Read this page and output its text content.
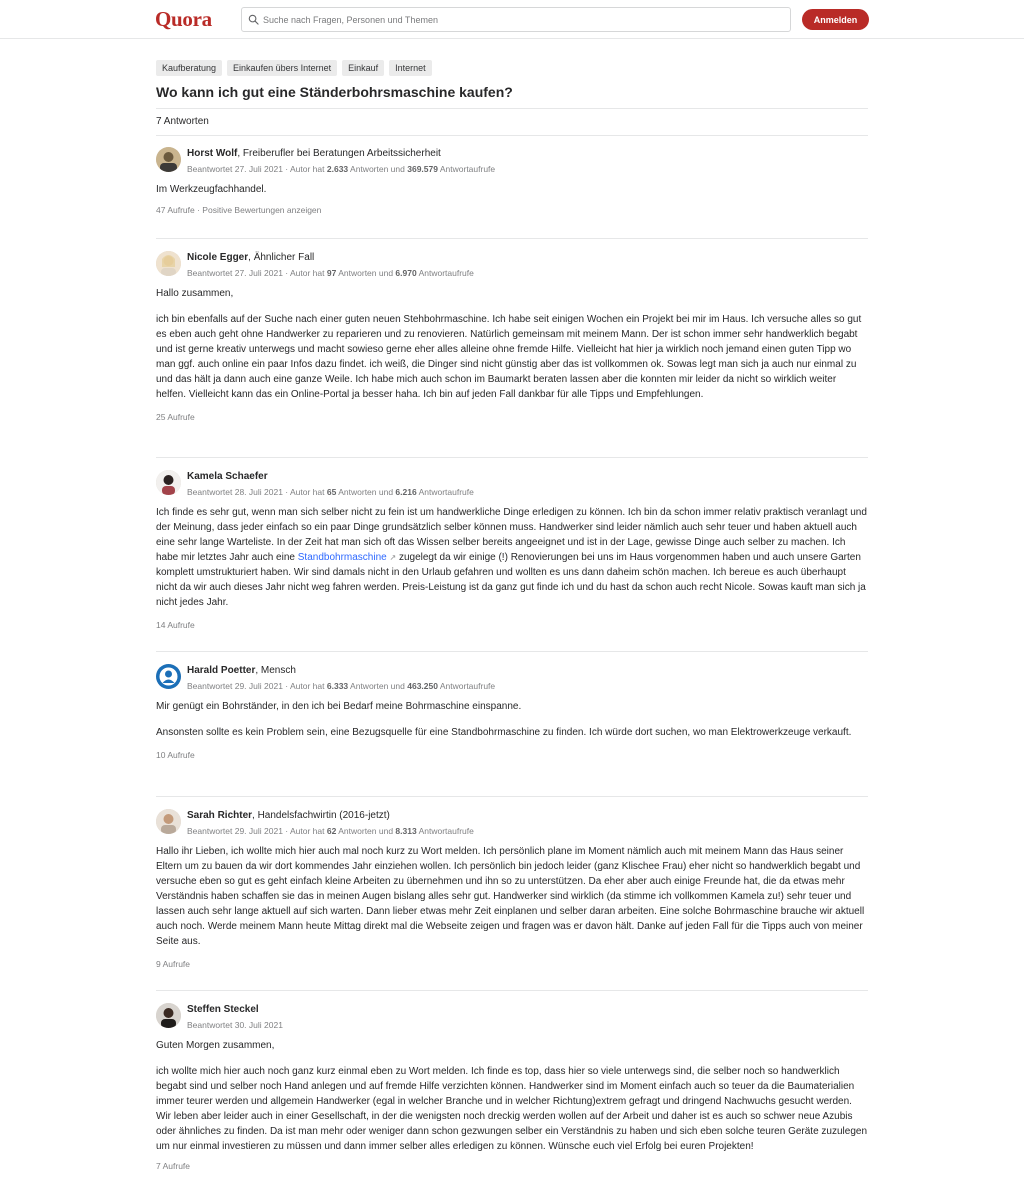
Quora
Suche nach Fragen, Personen und Themen	Anmelden
Kaufberatung	Einkaufen übers Internet	Einkauf	Internet
Wo kann ich gut eine Ständerbohrsmaschine kaufen?
7 Antworten
Horst Wolf, Freiberufler bei Beratungen Arbeitssicherheit
Beantwortet 27. Juli 2021 · Autor hat 2.633 Antworten und 369.579 Antwortaufrufe

Im Werkzeugfachhandel.

47 Aufrufe · Positive Bewertungen anzeigen
Nicole Egger, Ähnlicher Fall
Beantwortet 27. Juli 2021 · Autor hat 97 Antworten und 6.970 Antwortaufrufe

Hallo zusammen,

ich bin ebenfalls auf der Suche nach einer guten neuen Stehbohrmaschine. Ich habe seit einigen Wochen ein Projekt bei mir im Haus. Ich versuche alles so gut es eben auch geht ohne Handwerker zu reparieren und zu renovieren. Natürlich gemeinsam mit meinem Mann. Der ist schon immer sehr handwerklich begabt und ist gerne kreativ unterwegs und macht sowieso gerne eher alles alleine ohne fremde Hilfe. Vielleicht hat hier ja wirklich noch jemand einen guten Tipp wo man ggf. auch online ein paar Infos dazu findet. ich weiß, die Dinger sind nicht günstig aber das ist vollkommen ok. Sowas legt man sich ja auch nur einmal zu und das hält ja dann auch eine ganze Weile. Ich habe mich auch schon im Baumarkt beraten lassen aber die konnten mir leider da nicht so wirklich weiter helfen. Vielleicht kann das ein Online-Portal ja besser haha. Ich bin auf jeden Fall dankbar für alle Tipps und Empfehlungen.

25 Aufrufe
Kamela Schaefer
Beantwortet 28. Juli 2021 · Autor hat 65 Antworten und 6.216 Antwortaufrufe

Ich finde es sehr gut, wenn man sich selber nicht zu fein ist um handwerkliche Dinge erledigen zu können. Ich bin da schon immer relativ praktisch veranlagt und der Meinung, dass jeder einfach so ein paar Dinge grundsätzlich selber können muss. Handwerker sind leider nämlich auch sehr teuer und haben aktuell auch eine sehr lange Warteliste. In der Zeit hat man sich oft das Wissen selber bereits angeeignet und ist in der Lage, gewisse Dinge auch selber zu machen. Ich habe mir letztes Jahr auch eine Standbohrmaschine ↗ zugelegt da wir einige (!) Renovierungen bei uns im Haus vorgenommen haben und auch unsere Garten komplett umstrukturiert haben. Wir sind damals nicht in den Urlaub gefahren und wollten es uns dann daheim schön machen. Ich bereue es auch überhaupt nicht da wir auch dieses Jahr nicht weg fahren werden. Preis-Leistung ist da ganz gut finde ich und du hast da schon auch recht Nicole. Sowas kauft man sich ja nicht jedes Jahr.

14 Aufrufe
Harald Poetter, Mensch
Beantwortet 29. Juli 2021 · Autor hat 6.333 Antworten und 463.250 Antwortaufrufe

Mir genügt ein Bohrständer, in den ich bei Bedarf meine Bohrmaschine einspanne.

Ansonsten sollte es kein Problem sein, eine Bezugsquelle für eine Standbohrmaschine zu finden. Ich würde dort suchen, wo man Elektrowerkzeuge verkauft.

10 Aufrufe
Sarah Richter, Handelsfachwirtin (2016-jetzt)
Beantwortet 29. Juli 2021 · Autor hat 62 Antworten und 8.313 Antwortaufrufe

Hallo ihr Lieben, ich wollte mich hier auch mal noch kurz zu Wort melden. Ich persönlich plane im Moment nämlich auch mit meinem Mann das Haus seiner Eltern um zu bauen da wir dort kommendes Jahr einziehen wollen. Ich persönlich bin jedoch leider (ganz Klischee Frau) eher nicht so handwerklich begabt und versuche eben so gut es geht einfach kleine Arbeiten zu übernehmen und ihn so zu unterstützen. Da eher aber auch einige Freunde hat, die da etwas mehr Verständnis haben schaffen sie das in meinen Augen bislang alles sehr gut. Handwerker sind wirklich (da stimme ich vollkommen Kamela zu!) sehr teuer und lassen auch sehr lange aktuell auf sich warten. Dann lieber etwas mehr Zeit einplanen und selber daran arbeiten. Eine solche Bohrmaschine brauche wir aktuell auch noch. Werde meinem Mann heute Mittag direkt mal die Webseite zeigen und fragen was er davon hält. Danke auf jeden Fall für die Tipps auch von meiner Seite aus.

9 Aufrufe
Steffen Steckel
Beantwortet 30. Juli 2021

Guten Morgen zusammen,

ich wollte mich hier auch noch ganz kurz einmal eben zu Wort melden. Ich finde es top, dass hier so viele unterwegs sind, die selber noch so handwerklich begabt sind und selber noch Hand anlegen und auf fremde Hilfe verzichten können. Handwerker sind im Moment einfach auch so teuer da die Baumaterialien immer teurer werden und allgemein Handwerker (egal in welcher Branche und in welcher Richtung)extrem gefragt und dringend Nachwuchs gesucht werden. Wir leben aber leider auch in einer Gesellschaft, in der die wenigsten noch dreckig werden wollen auf der Arbeit und daher ist es auch so schwer neue Azubis oder ähnliches zu finden. Da ist man mehr oder weniger dann schon gezwungen selber ein Verständnis zu haben und sich eben solche teuren Geräte zuzulegen um nur einmal investieren zu müssen und dann immer selber alles erledigen zu können. Wünsche euch viel Erfolg bei euren Projekten!

7 Aufrufe
